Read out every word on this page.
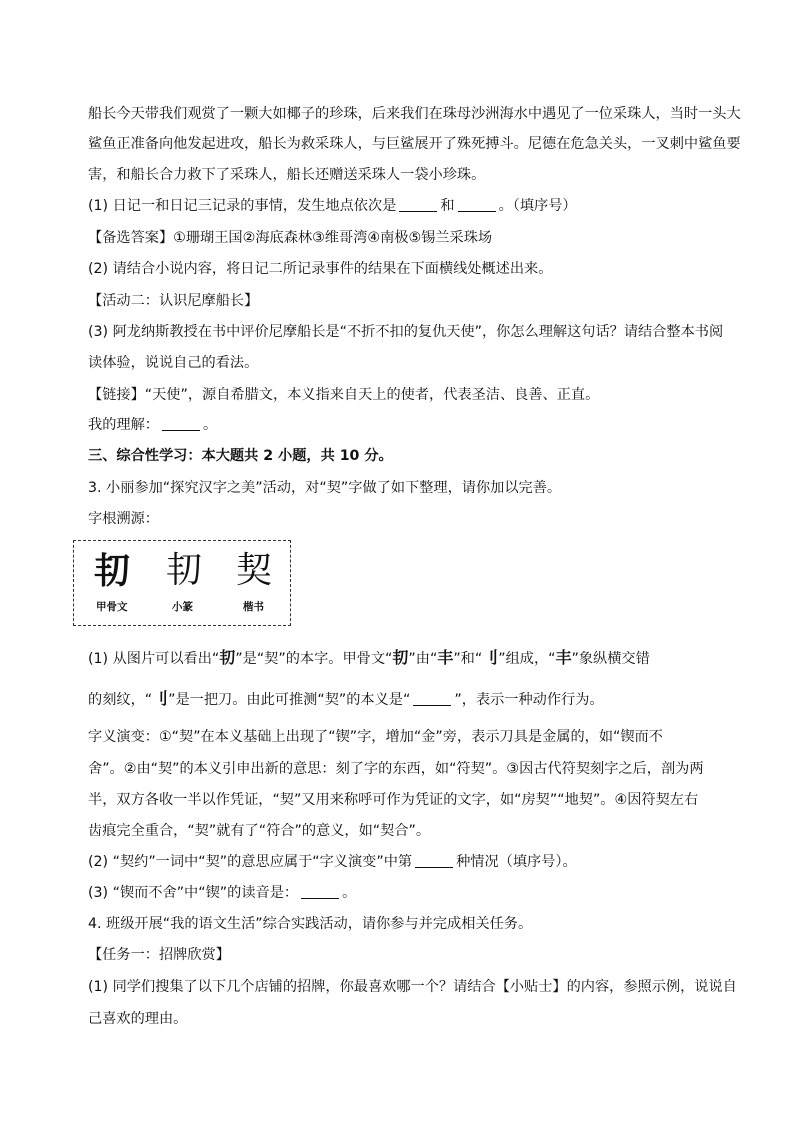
船长今天带我们观赏了一颗大如椰子的珍珠，后来我们在珠母沙洲海水中遇见了一位采珠人，当时一头大
鲨鱼正准备向他发起进攻，船长为救采珠人，与巨鲨展开了殊死搏斗。尼德在危急关头，一叉刺中鲨鱼要
害，和船长合力救下了采珠人，船长还赠送采珠人一袋小珍珠。
(1) 日记一和日记三记录的事情，发生地点依次是	和	。（填序号）
【备选答案】①珊瑚王国②海底森林③维哥湾④南极⑤锡兰采珠场
(2) 请结合小说内容，将日记二所记录事件的结果在下面横线处概述出来。
【活动二：认识尼摩船长】
(3) 阿龙纳斯教授在书中评价尼摩船长是“不折不扣的复仇天使”，你怎么理解这句话？请结合整本书阅
读体验，说说自己的看法。
【链接】“天使”，源自希腊文，本义指来自天上的使者，代表圣洁、良善、正直。
我的理解：	。
三、综合性学习：本大题共 2 小题，共 10 分。
3. 小丽参加“探究汉字之美”活动，对“契”字做了如下整理，请你加以完善。
字根溯源：
㓞 㓞 契
甲骨文	小篆	楷书
(1) 从图片可以看出“㓞”是“契”的本字。甲骨文“㓞”由“丰”和“刂”组成，“丰”象纵横交错
的刻纹，“刂”是一把刀。由此可推测“契”的本义是“	”，表示一种动作行为。
字义演变：①“契”在本义基础上出现了“锲”字，增加“金”旁，表示刀具是金属的，如“锲而不
舍”。②由“契”的本义引申出新的意思：刻了字的东西，如“符契”。③因古代符契刻字之后，剖为两
半，双方各收一半以作凭证，“契”又用来称呼可作为凭证的文字，如“房契”“地契”。④因符契左右
齿痕完全重合，“契”就有了“符合”的意义，如“契合”。
(2) “契约”一词中“契”的意思应属于“字义演变”中第	种情况（填序号）。
(3) “锲而不舍”中“锲”的读音是：	。
4. 班级开展“我的语文生活”综合实践活动，请你参与并完成相关任务。
【任务一：招牌欣赏】
(1) 同学们搜集了以下几个店铺的招牌，你最喜欢哪一个？请结合【小贴士】的内容，参照示例，说说自
己喜欢的理由。
